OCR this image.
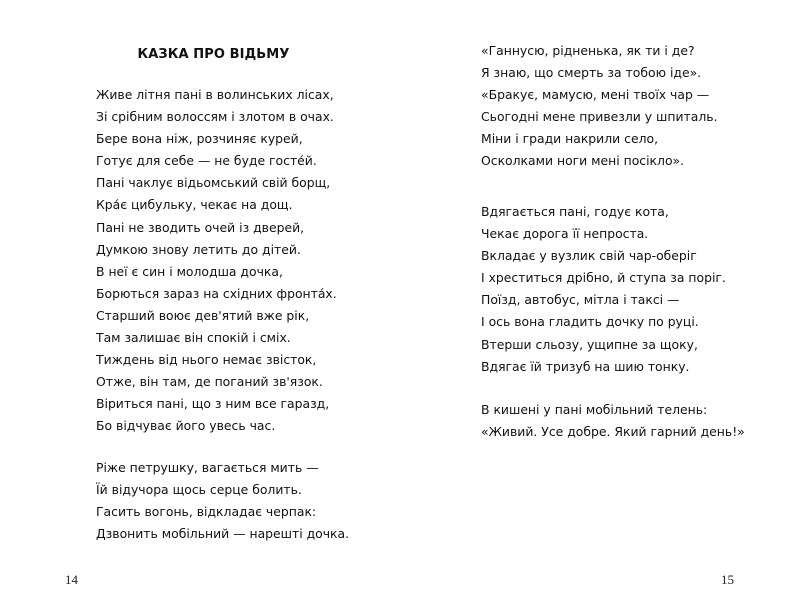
КАЗКА ПРО ВІДЬМУ
Живе літня пані в волинських лісах,
Зі срібним волоссям і злотом в очах.
Бере вона ніж, розчиняє курей,
Готує для себе — не буде госте́й.
Пані чаклує відьомський свій борщ,
Кра́є цибульку, чекає на дощ.
Пані не зводить очей із дверей,
Думкою знову летить до дітей.
В неї є син і молодша дочка,
Борються зараз на східних фронта́х.
Старший воює дев'ятий вже рік,
Там залишає він спокій і сміх.
Тиждень від нього немає звісток,
Отже, він там, де поганий зв'язок.
Віриться пані, що з ним все гаразд,
Бо відчуває його увесь час.
Ріже петрушку, вагається мить —
Їй відучора щось серце болить.
Гасить вогонь, відкладає черпак:
Дзвонить мобільний — нарешті дочка.
«Ганнусю, рідненька, як ти і де?
Я знаю, що смерть за тобою іде».
«Бракує, мамусю, мені твоїх чар —
Сьогодні мене привезли у шпиталь.
Міни і гради накрили село,
Осколками ноги мені посікло».
Вдягається пані, годує кота,
Чекає дорога її непроста.
Вкладає у вузлик свій чар-оберіг
І хреститься дрібно, й ступа за поріг.
Поїзд, автобус, мітла і таксі —
І ось вона гладить дочку по руці.
Втерши сльозу, ущипне за щоку,
Вдягає їй тризуб на шию тонку.
В кишені у пані мобільний телень:
«Живий. Усе добре. Який гарний день!»
14	15
